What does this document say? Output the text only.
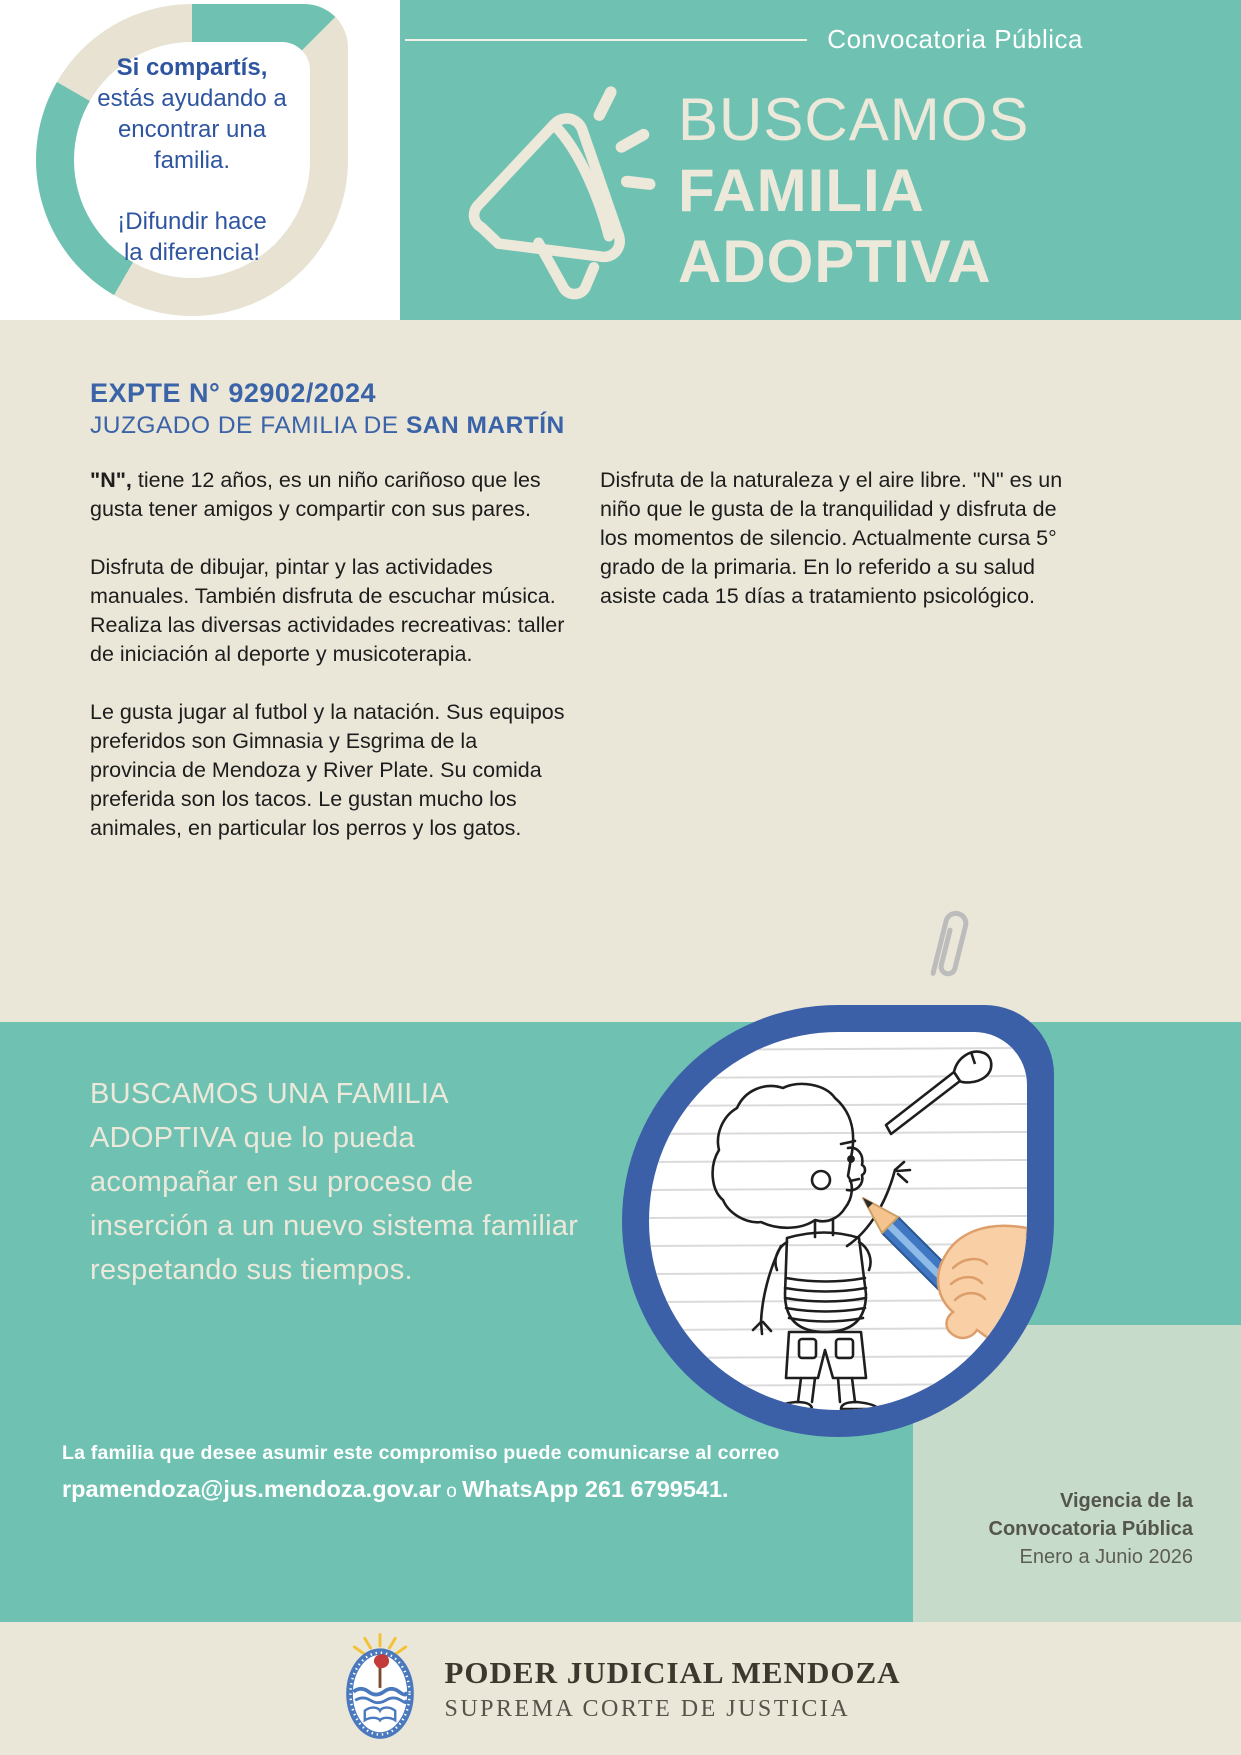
Convocatoria Pública
BUSCAMOS
FAMILIA
ADOPTIVA
Si compartís,
estás ayudando a
encontrar una
familia.
¡Difundir hace
la diferencia!
EXPTE N° 92902/2024
JUZGADO DE FAMILIA DE SAN MARTÍN

"N", tiene 12 años, es un niño cariñoso que les gusta tener amigos y compartir con sus pares.

Disfruta de dibujar, pintar y las actividades manuales. También disfruta de escuchar música. Realiza las diversas actividades recreativas: taller de iniciación al deporte y musicoterapia.

Le gusta jugar al futbol y la natación. Sus equipos preferidos son Gimnasia y Esgrima de la provincia de Mendoza y River Plate. Su comida preferida son los tacos. Le gustan mucho los animales, en particular los perros y los gatos.

Disfruta de la naturaleza y el aire libre. "N" es un niño que le gusta de la tranquilidad y disfruta de los momentos de silencio. Actualmente cursa 5° grado de la primaria. En lo referido a su salud asiste cada 15 días a tratamiento psicológico.

Vigencia de la
Convocatoria Pública
Enero a Junio 2026
BUSCAMOS UNA FAMILIA
ADOPTIVA que lo pueda
acompañar en su proceso de
inserción a un nuevo sistema familiar
respetando sus tiempos.
La familia que desee asumir este compromiso puede comunicarse al correo
rpamendoza@jus.mendoza.gov.ar o WhatsApp 261 6799541.
PODER JUDICIAL MENDOZA
SUPREMA CORTE DE JUSTICIA
